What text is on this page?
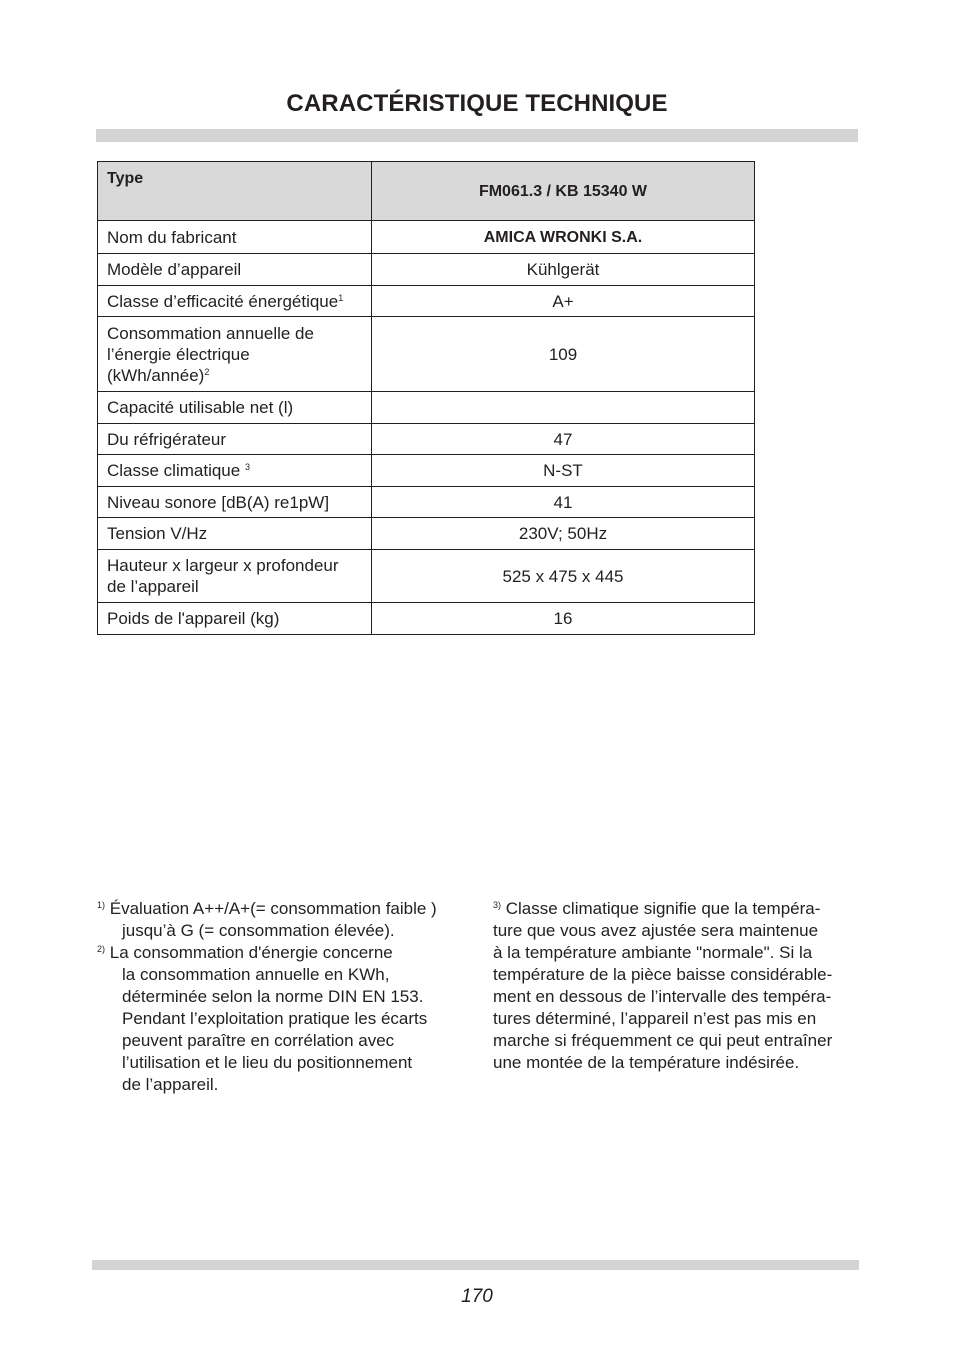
CARACTÉRISTIQUE TECHNIQUE
Type	FM061.3 / KB 15340 W
Nom du fabricant	AMICA WRONKI S.A.
Modèle d’appareil	Kühlgerät
Classe d’efficacité énergétique$^1$	A+
Consommation annuelle de
l’énergie électrique
(kWh/année)$^2$	109
Capacité utilisable net (l)	
Du réfrigérateur	47
Classe climatique $^3$	N-ST
Niveau sonore [dB(A) re1pW]	41
Tension V/Hz	230V; 50Hz
Hauteur x largeur x profondeur
de l’appareil	525 x 475 x 445
Poids de l'appareil (kg)	16
$^{1)}$ Évaluation A++/A+(= consommation faible )
jusqu’à G (= consommation élevée).
$^{2)}$ La consommation d'énergie concerne
la consommation annuelle en KWh,
déterminée selon la norme DIN EN 153.
Pendant l’exploitation pratique les écarts
peuvent paraître en corrélation avec
l’utilisation et le lieu du positionnement
de l’appareil.
$^{3)}$ Classe climatique signifie que la tempéra-
ture que vous avez ajustée sera maintenue
à la température ambiante "normale". Si la
température de la pièce baisse considérable-
ment en dessous de l’intervalle des tempéra-
tures déterminé, l’appareil n’est pas mis en
marche si fréquemment ce qui peut entraîner
une montée de la température indésirée.
170
